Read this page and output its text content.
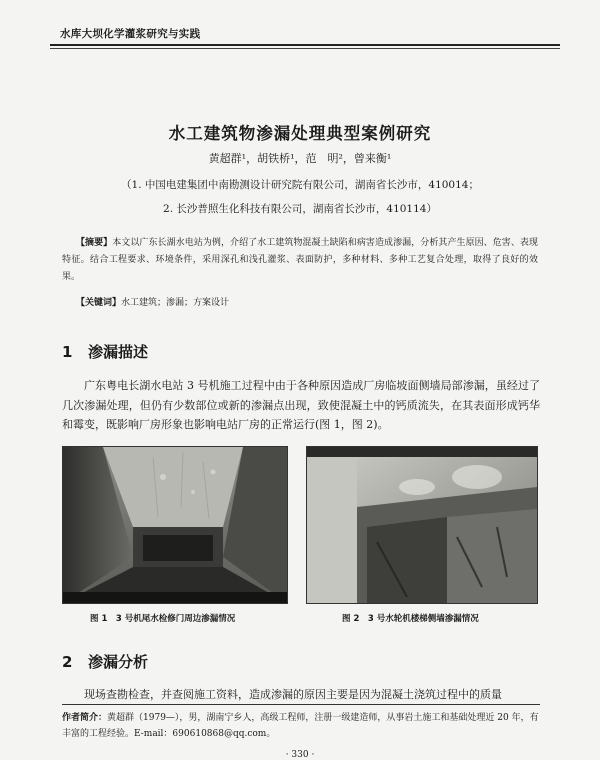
水库大坝化学灌浆研究与实践
水工建筑物渗漏处理典型案例研究
黄超群¹，胡铁桥¹，范　明²，曾来衡¹
（1. 中国电建集团中南勘测设计研究院有限公司，湖南省长沙市，410014；
2. 长沙普照生化科技有限公司，湖南省长沙市，410114）
【摘要】本文以广东长湖水电站为例，介绍了水工建筑物混凝土缺陷和病害造成渗漏，分析其产生原因、危害、表现特征。结合工程要求、环境条件，采用深孔和浅孔灌浆、表面防护，多种材料、多种工艺复合处理，取得了良好的效果。
【关键词】水工建筑；渗漏；方案设计
1 渗漏描述
广东粤电长湖水电站 3 号机施工过程中由于各种原因造成厂房临坡面侧墙局部渗漏，虽经过了几次渗漏处理，但仍有少数部位或新的渗漏点出现，致使混凝土中的钙质流失，在其表面形成钙华和霉变，既影响厂房形象也影响电站厂房的正常运行(图 1，图 2)。
图 1　3 号机尾水检修门周边渗漏情况	图 2　3 号水轮机楼梯侧墙渗漏情况
2 渗漏分析
现场查勘检查，并查阅施工资料，造成渗漏的原因主要是因为混凝土浇筑过程中的质量
作者简介：黄超群（1979—），男，湖南宁乡人，高级工程师，注册一级建造师，从事岩土施工和基础处理近 20 年，有丰富的工程经验。E-mail：690610868@qq.com。
· 330 ·
